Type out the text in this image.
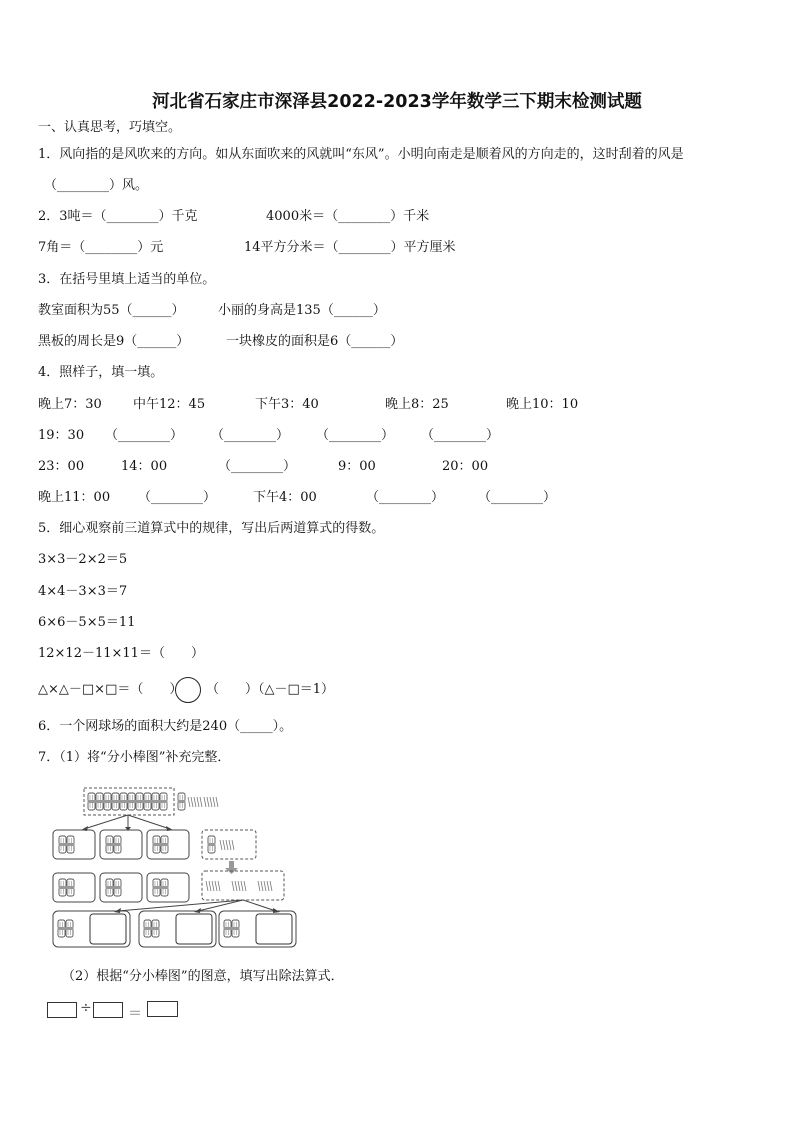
河北省石家庄市深泽县2022-2023学年数学三下期末检测试题
一、认真思考，巧填空。
1．风向指的是风吹来的方向。如从东面吹来的风就叫“东风”。小明向南走是顺着风的方向走的，这时刮着的风是
（________）风。
2．3吨＝（________）千克	4000米＝（________）千米
7角＝（________）元	14平方分米＝（________）平方厘米
3．在括号里填上适当的单位。
教室面积为55（______）	小丽的身高是135（______）
黑板的周长是9（______）	一块橡皮的面积是6（______）
4．照样子，填一填。
晚上7：30 中午12：45	下午3：40	晚上8：25	晚上10：10
19：30 （________） （________） （________） （________）
23：00	14：00	（________）	9：00	20：00
晚上11：00 （________）	下午4：00	（________）	（________）
5．细心观察前三道算式中的规律，写出后两道算式的得数。
3×3－2×2＝5
4×4－3×3＝7
6×6－5×5＝11
12×12－11×11＝（　　）
△×△－□×□＝（　　） （　　）（△－□＝1）
6．一个网球场的面积大约是240（_____）。
7．（1）将“分小棒图”补充完整．
（2）根据“分小棒图”的图意，填写出除法算式．
÷	＝
